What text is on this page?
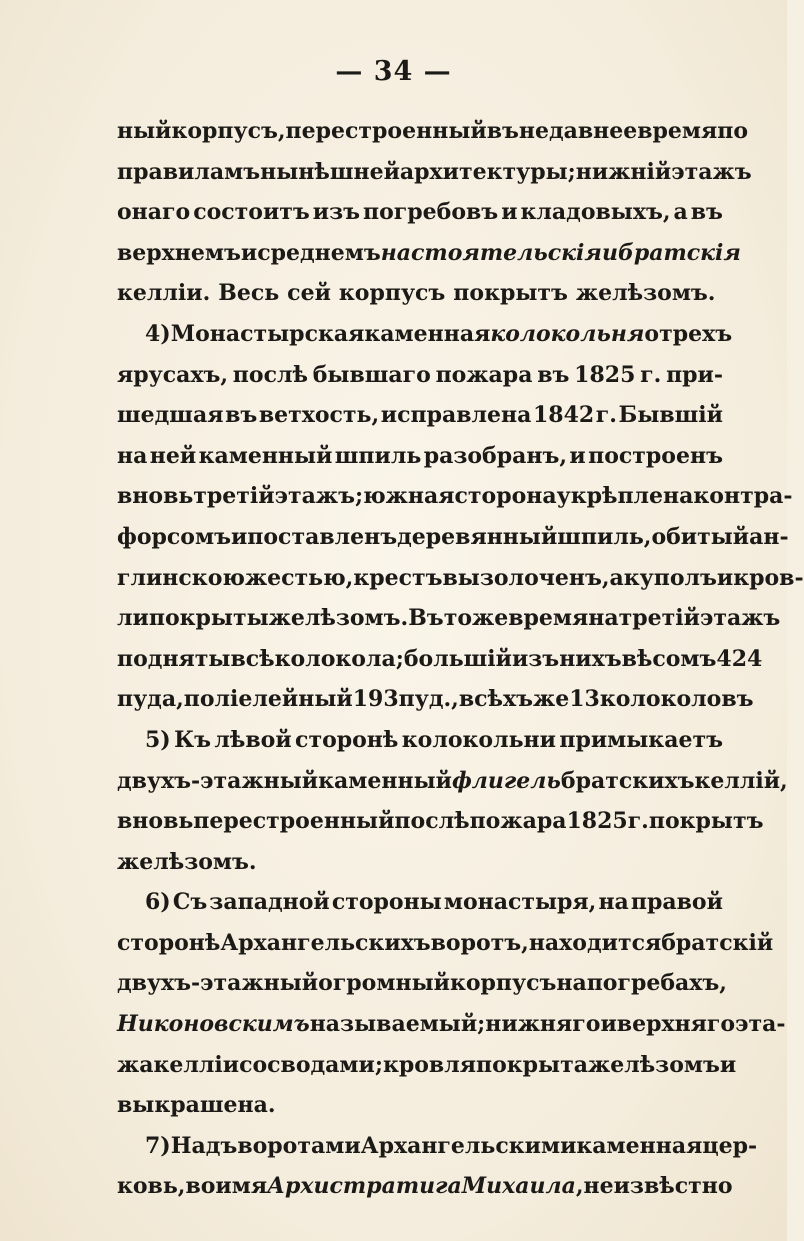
— 34 —
ный корпусъ, перестроенный въ недавнее время по
правиламъ нынѣшней архитектуры; нижній этажъ
онаго состоитъ изъ погребовъ и кладовыхъ, а въ
верхнемъ и среднемъ настоятельскія и братскія
келліи. Весь сей корпусъ покрытъ желѣзомъ.
4) Монастырская каменная колокольня о трехъ
ярусахъ, послѣ бывшаго пожара въ 1825 г. при-
шедшая въ ветхость, исправлена 1842 г. Бывшій
на ней каменный шпиль разобранъ, и построенъ
вновь третій этажъ; южная сторона укрѣплена контра-
форсомъ и поставленъ деревянный шпиль, обитый ан-
глинскою жестью, крестъ вызолоченъ, а куполъ и кров-
ли покрыты желѣзомъ. Въ тоже время на третій этажъ
подняты всѣ колокола; большій изъ нихъ вѣсомъ 424
пуда, поліелейный 193 пуд., всѣхъ же 13 колоколовъ
5) Къ лѣвой сторонѣ колокольни примыкаетъ
двухъ-этажный каменный флигель братскихъ келлій,
вновь перестроенный послѣ пожара 1825 г. покрытъ
желѣзомъ.
6) Съ западной стороны монастыря, на правой
сторонѣ Архангельскихъ воротъ, находится братскій
двухъ-этажный огромный корпусъ на погребахъ,
Никоновскимъ называемый; нижняго и верхняго эта-
жа келліи со сводами; кровля покрыта желѣзомъ и
выкрашена.
7) Надъ воротами Архангельскими каменная цер-
ковь , во имя Архистратига Михаила , неизвѣстно
